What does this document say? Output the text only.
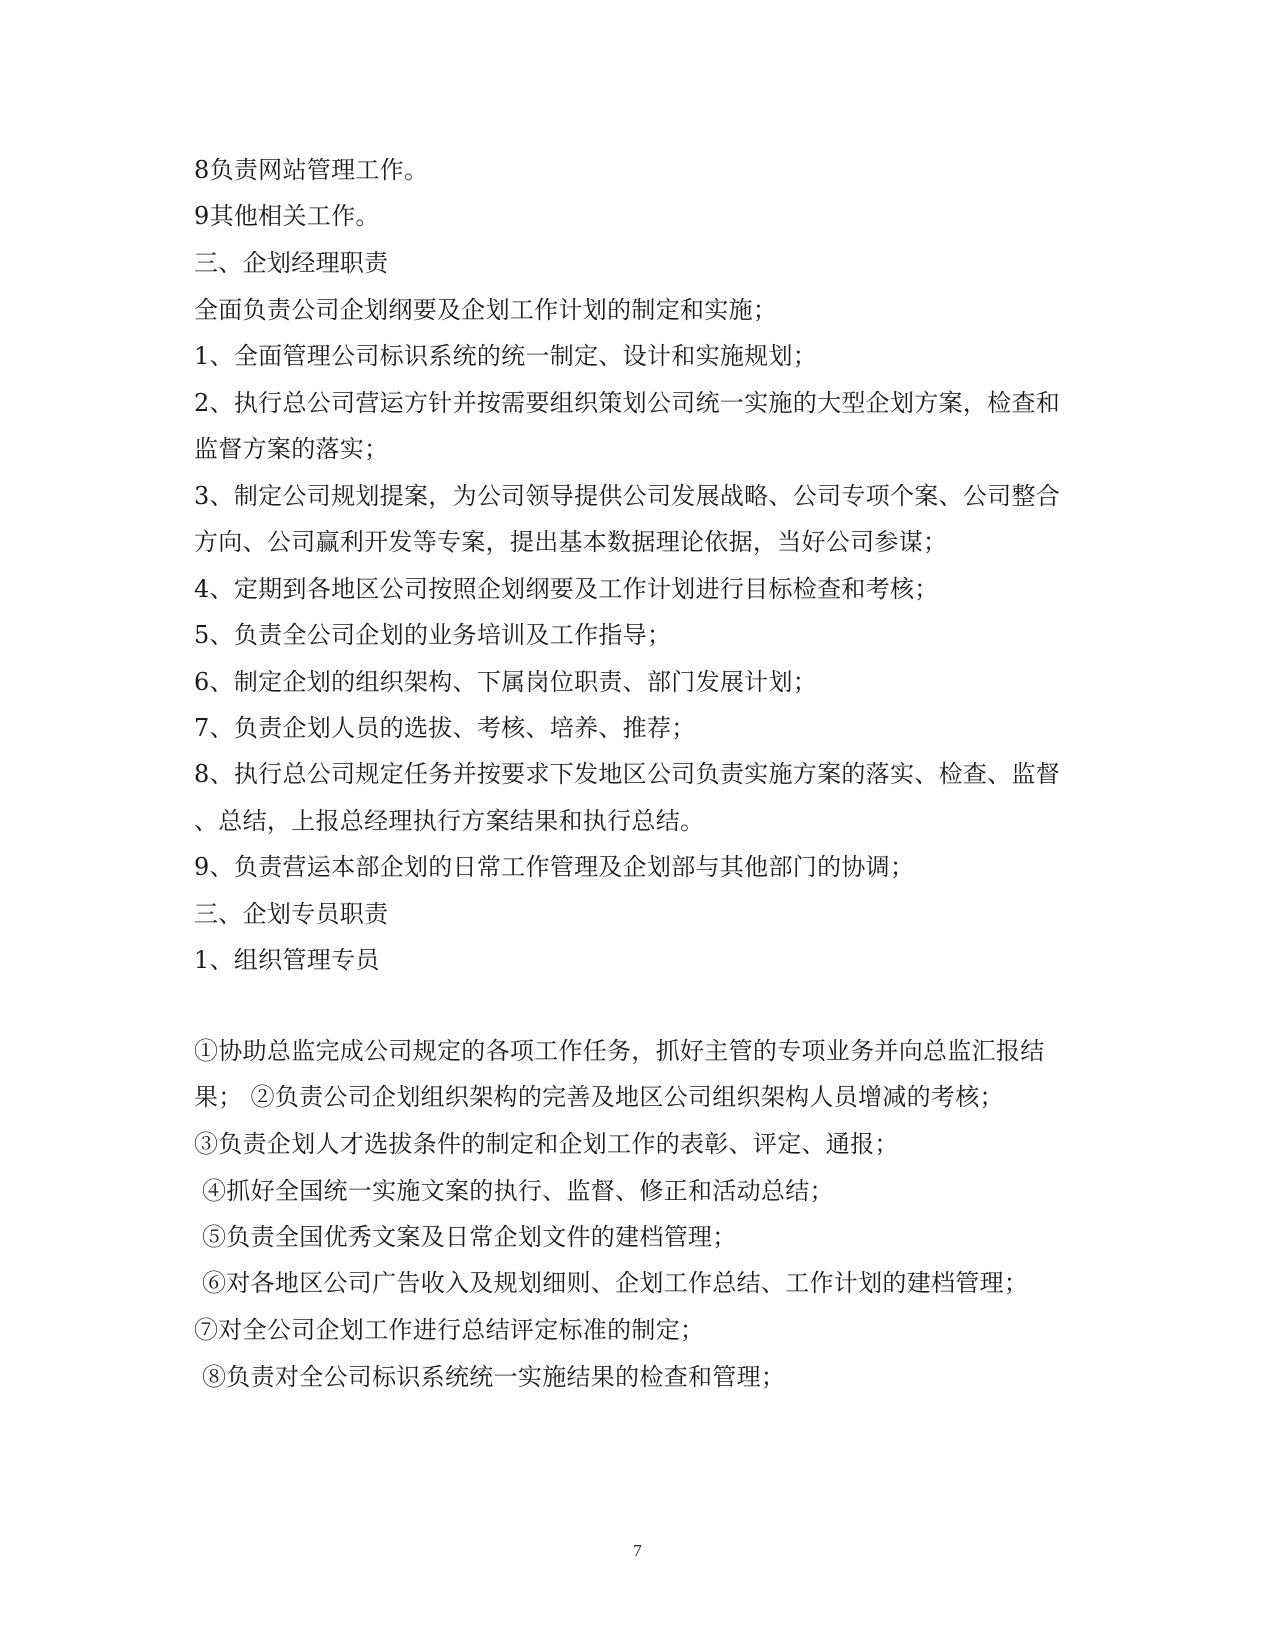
8负责网站管理工作。
9其他相关工作。
三、企划经理职责
全面负责公司企划纲要及企划工作计划的制定和实施；
1、全面管理公司标识系统的统一制定、设计和实施规划；
2、执行总公司营运方针并按需要组织策划公司统一实施的大型企划方案，检查和
监督方案的落实；
3、制定公司规划提案，为公司领导提供公司发展战略、公司专项个案、公司整合
方向、公司赢利开发等专案，提出基本数据理论依据，当好公司参谋；
4、定期到各地区公司按照企划纲要及工作计划进行目标检查和考核；
5、负责全公司企划的业务培训及工作指导；
6、制定企划的组织架构、下属岗位职责、部门发展计划；
7、负责企划人员的选拔、考核、培养、推荐；
8、执行总公司规定任务并按要求下发地区公司负责实施方案的落实、检查、监督
、总结，上报总经理执行方案结果和执行总结。
9、负责营运本部企划的日常工作管理及企划部与其他部门的协调；
三、企划专员职责
1、组织管理专员
①协助总监完成公司规定的各项工作任务，抓好主管的专项业务并向总监汇报结
果； ②负责公司企划组织架构的完善及地区公司组织架构人员增减的考核；
③负责企划人才选拔条件的制定和企划工作的表彰、评定、通报；
④抓好全国统一实施文案的执行、监督、修正和活动总结；
⑤负责全国优秀文案及日常企划文件的建档管理；
⑥对各地区公司广告收入及规划细则、企划工作总结、工作计划的建档管理；
⑦对全公司企划工作进行总结评定标准的制定；
⑧负责对全公司标识系统统一实施结果的检查和管理；
7
